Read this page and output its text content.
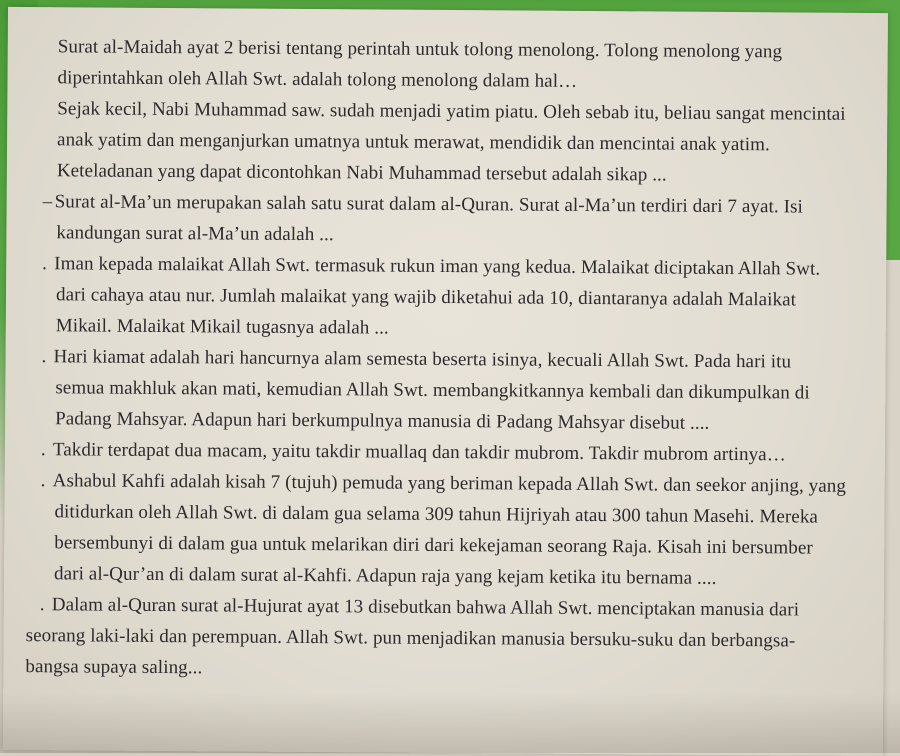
Surat al-Maidah ayat 2 berisi tentang perintah untuk tolong menolong. Tolong menolong yang
diperintahkan oleh Allah Swt. adalah tolong menolong dalam hal…

Sejak kecil, Nabi Muhammad saw. sudah menjadi yatim piatu. Oleh sebab itu, beliau sangat mencintai
anak yatim dan menganjurkan umatnya untuk merawat, mendidik dan mencintai anak yatim.
Keteladanan yang dapat dicontohkan Nabi Muhammad tersebut adalah sikap ...

– Surat al-Ma’un merupakan salah satu surat dalam al-Quran. Surat al-Ma’un terdiri dari 7 ayat. Isi
kandungan surat al-Ma’un adalah ...

. Iman kepada malaikat Allah Swt. termasuk rukun iman yang kedua. Malaikat diciptakan Allah Swt.
dari cahaya atau nur. Jumlah malaikat yang wajib diketahui ada 10, diantaranya adalah Malaikat
Mikail. Malaikat Mikail tugasnya adalah ...

. Hari kiamat adalah hari hancurnya alam semesta beserta isinya, kecuali Allah Swt. Pada hari itu
semua makhluk akan mati, kemudian Allah Swt. membangkitkannya kembali dan dikumpulkan di
Padang Mahsyar. Adapun hari berkumpulnya manusia di Padang Mahsyar disebut ....

. Takdir terdapat dua macam, yaitu takdir muallaq dan takdir mubrom. Takdir mubrom artinya…

. Ashabul Kahfi adalah kisah 7 (tujuh) pemuda yang beriman kepada Allah Swt. dan seekor anjing, yang
ditidurkan oleh Allah Swt. di dalam gua selama 309 tahun Hijriyah atau 300 tahun Masehi. Mereka
bersembunyi di dalam gua untuk melarikan diri dari kekejaman seorang Raja. Kisah ini bersumber
dari al-Qur’an di dalam surat al-Kahfi. Adapun raja yang kejam ketika itu bernama ....

. Dalam al-Quran surat al-Hujurat ayat 13 disebutkan bahwa Allah Swt. menciptakan manusia dari
seorang laki-laki dan perempuan. Allah Swt. pun menjadikan manusia bersuku-suku dan berbangsa-
bangsa supaya saling...
